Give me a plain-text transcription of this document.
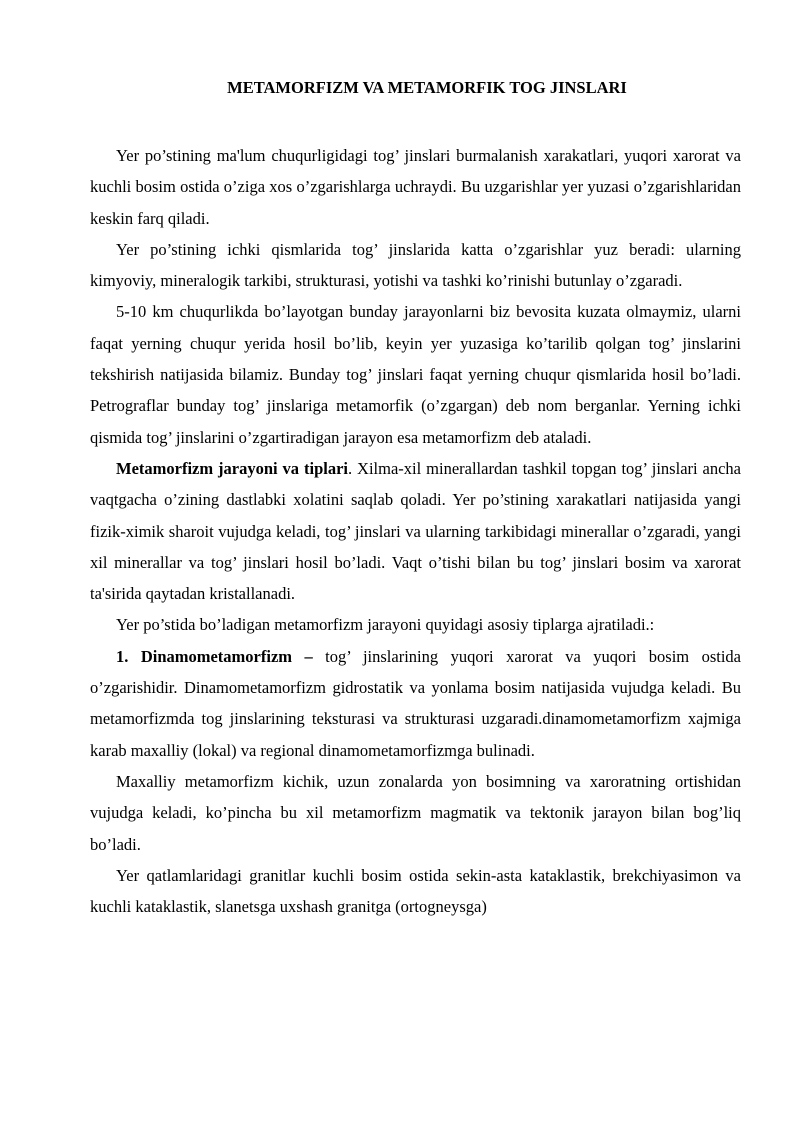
METAMORFIZM VA METAMORFIK TOG JINSLARI

Yer po’stining ma'lum chuqurligidagi tog’ jinslari burmalanish xarakatlari, yuqori xarorat va kuchli bosim ostida o’ziga xos o’zgarishlarga uchraydi. Bu uzgarishlar yer yuzasi o’zgarishlaridan keskin farq qiladi.

Yer po’stining ichki qismlarida tog’ jinslarida katta o’zgarishlar yuz beradi: ularning kimyoviy, mineralogik tarkibi, strukturasi, yotishi va tashki ko’rinishi butunlay o’zgaradi.

5-10 km chuqurlikda bo’layotgan bunday jarayonlarni biz bevosita kuzata olmaymiz, ularni faqat yerning chuqur yerida hosil bo’lib, keyin yer yuzasiga ko’tarilib qolgan tog’ jinslarini tekshirish natijasida bilamiz. Bunday tog’ jinslari faqat yerning chuqur qismlarida hosil bo’ladi. Petrograflar bunday tog’ jinslariga metamorfik (o’zgargan) deb nom berganlar. Yerning ichki qismida tog’ jinslarini o’zgartiradigan jarayon esa metamorfizm deb ataladi.

Metamorfizm jarayoni va tiplari. Xilma-xil minerallardan tashkil topgan tog’ jinslari ancha vaqtgacha o’zining dastlabki xolatini saqlab qoladi. Yer po’stining xarakatlari natijasida yangi fizik-ximik sharoit vujudga keladi, tog’ jinslari va ularning tarkibidagi minerallar o’zgaradi, yangi xil minerallar va tog’ jinslari hosil bo’ladi. Vaqt o’tishi bilan bu tog’ jinslari bosim va xarorat ta'sirida qaytadan kristallanadi.

Yer po’stida bo’ladigan metamorfizm jarayoni quyidagi asosiy tiplarga ajratiladi.:

1. Dinamometamorfizm – tog’ jinslarining yuqori xarorat va yuqori bosim ostida o’zgarishidir. Dinamometamorfizm gidrostatik va yonlama bosim natijasida vujudga keladi. Bu metamorfizmda tog jinslarining teksturasi va strukturasi uzgaradi.dinamometamorfizm xajmiga karab maxalliy (lokal) va regional dinamometamorfizmga bulinadi.

Maxalliy metamorfizm kichik, uzun zonalarda yon bosimning va xaroratning ortishidan vujudga keladi, ko’pincha bu xil metamorfizm magmatik va tektonik jarayon bilan bog’liq bo’ladi.

Yer qatlamlaridagi granitlar kuchli bosim ostida sekin-asta kataklastik, brekchiyasimon va kuchli kataklastik, slanetsga uxshash granitga (ortogneysga)
